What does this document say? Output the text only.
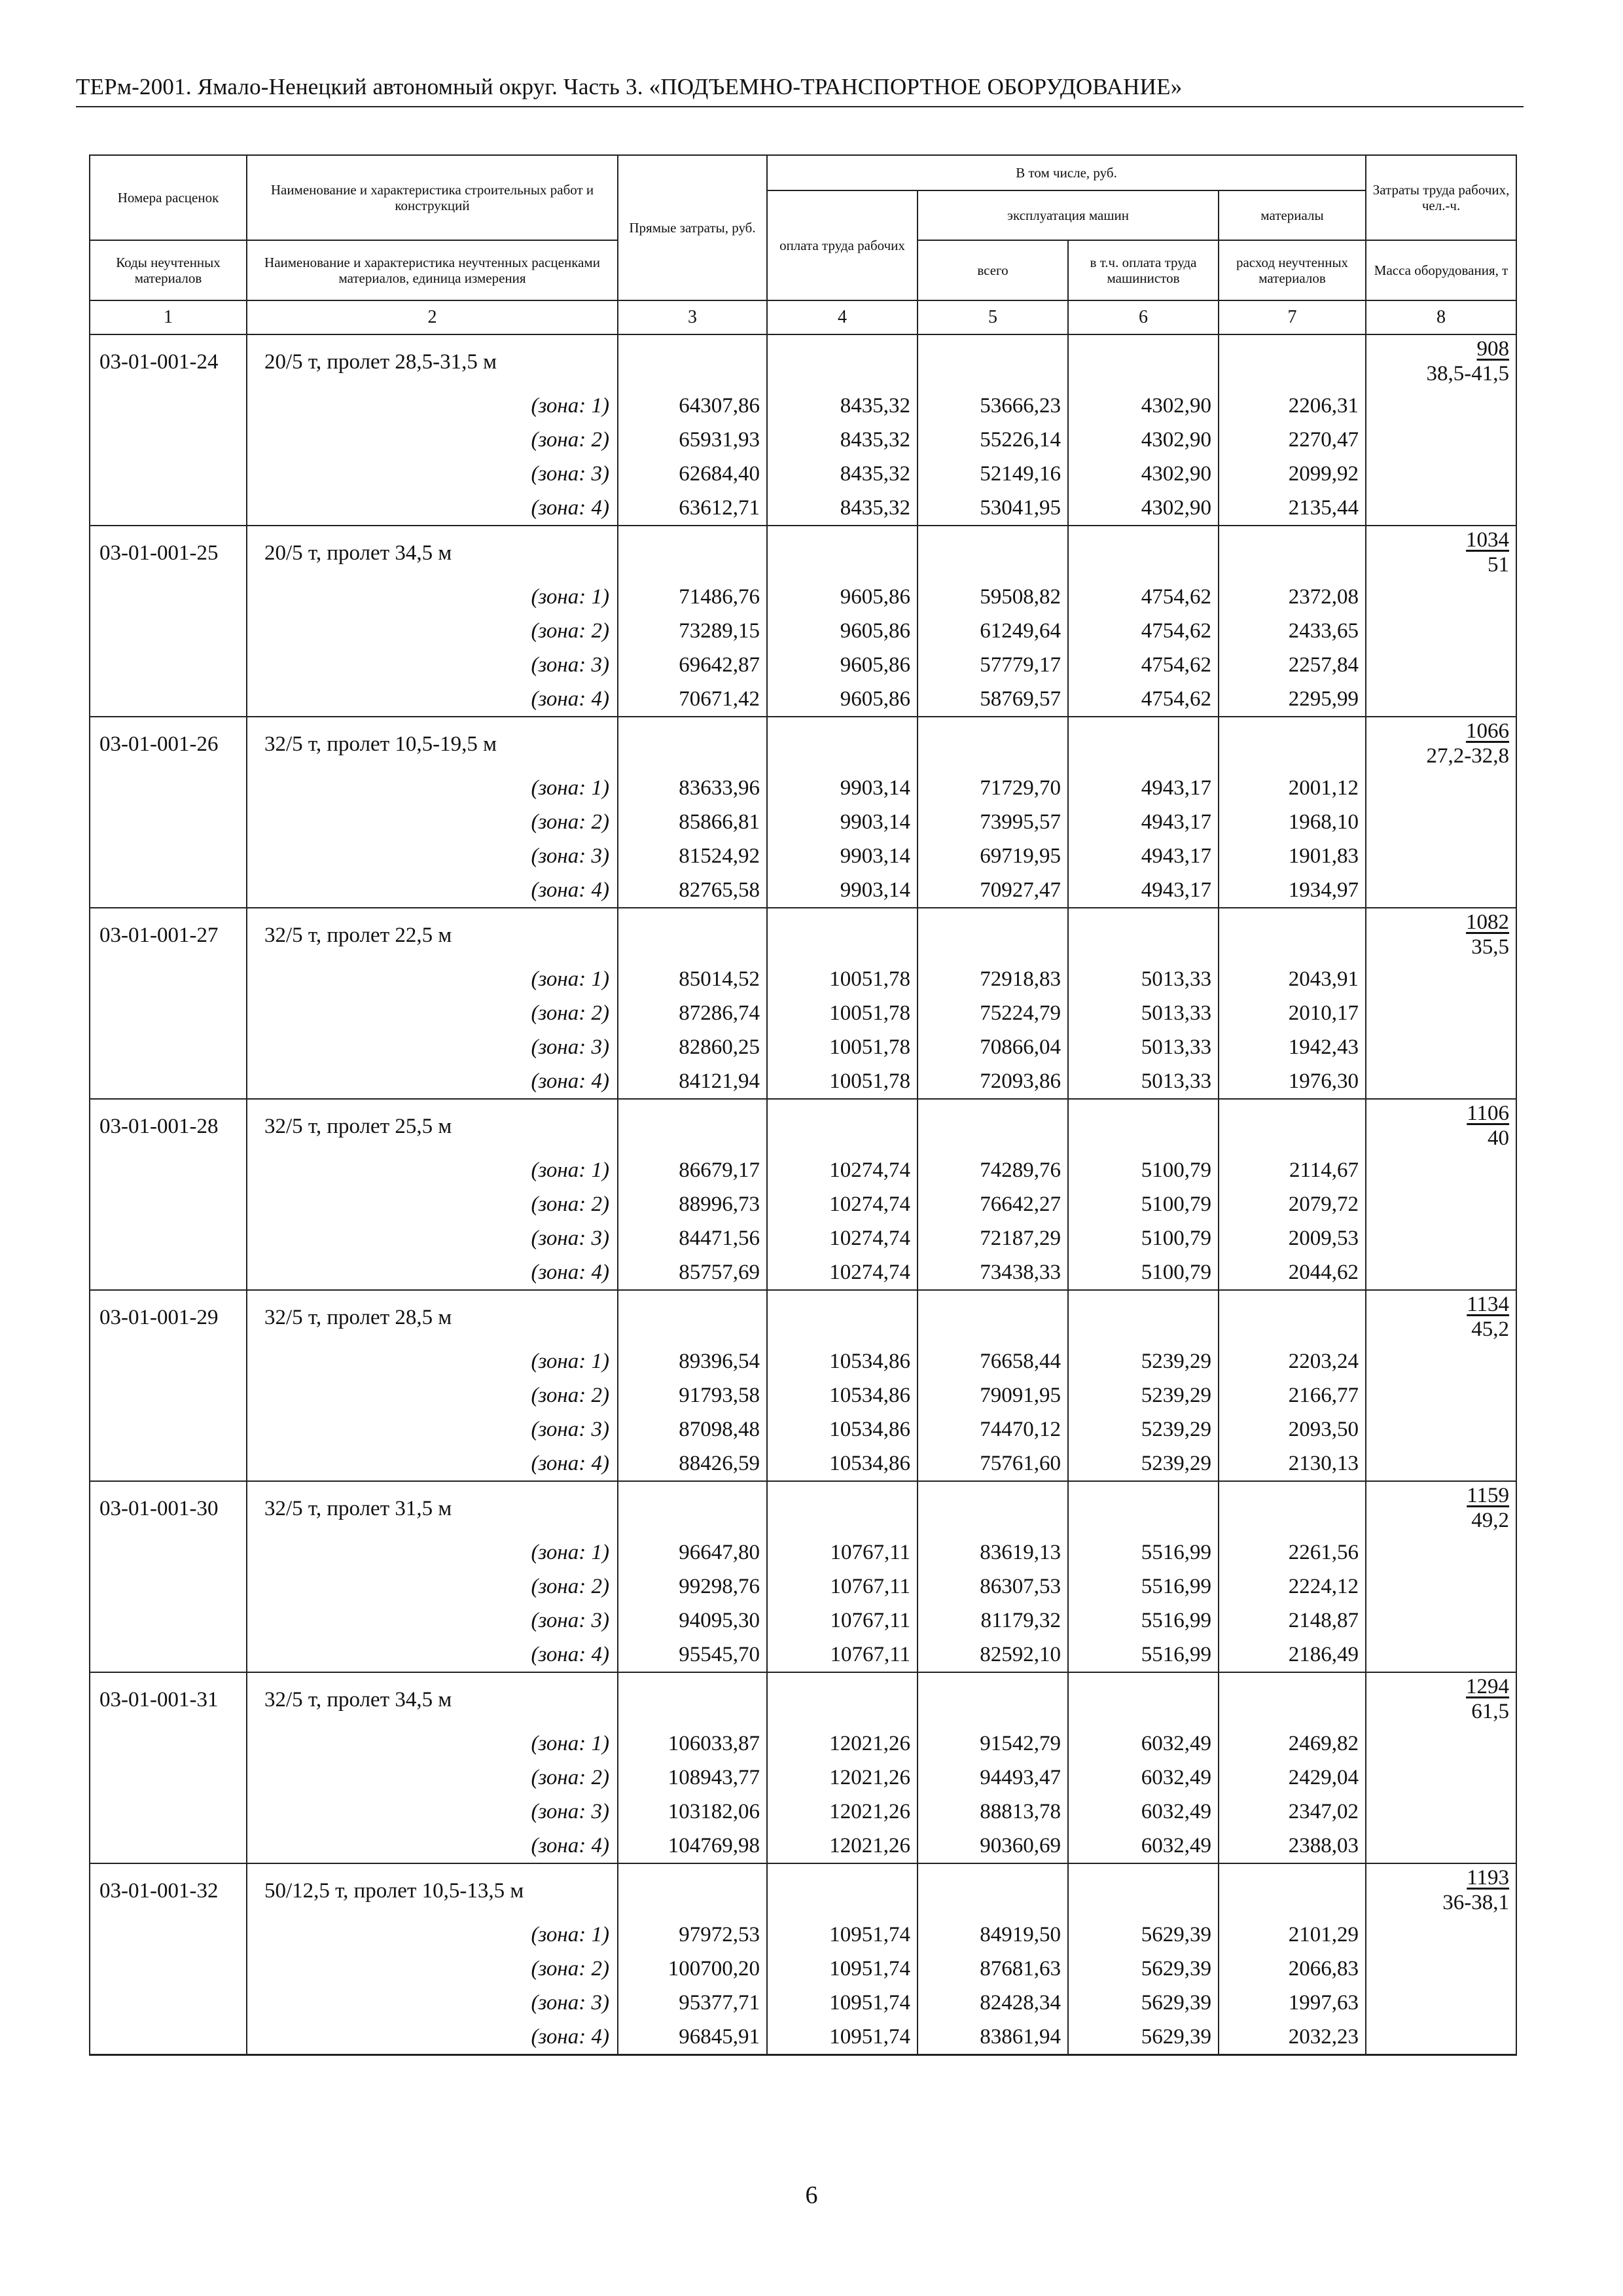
ТЕРм-2001. Ямало-Ненецкий автономный округ. Часть 3. «ПОДЪЕМНО-ТРАНСПОРТНОЕ ОБОРУДОВАНИЕ»
Номера расценок	Наименование и характеристика строительных работ и конструкций	Прямые затраты, руб.	В том числе, руб.				Затраты труда рабочих, чел.-ч.
			оплата труда рабочих	эксплуатация машин		материалы	
Коды неучтенных материалов	Наименование и характеристика неучтенных расценками материалов, единица измерения			всего	в т.ч. оплата труда машинистов	расход неучтенных материалов	Масса оборудования, т
1	2	3	4	5	6	7	8
03-01-001-24	20/5 т, пролет 28,5-31,5 м						908

38,5-41,5

	(зона: 1)	64307,86	8435,32	53666,23	4302,90	2206,31	
	(зона: 2)	65931,93	8435,32	55226,14	4302,90	2270,47	
	(зона: 3)	62684,40	8435,32	52149,16	4302,90	2099,92	
	(зона: 4)	63612,71	8435,32	53041,95	4302,90	2135,44	
03-01-001-25	20/5 т, пролет 34,5 м						1034

51

	(зона: 1)	71486,76	9605,86	59508,82	4754,62	2372,08	
	(зона: 2)	73289,15	9605,86	61249,64	4754,62	2433,65	
	(зона: 3)	69642,87	9605,86	57779,17	4754,62	2257,84	
	(зона: 4)	70671,42	9605,86	58769,57	4754,62	2295,99	
03-01-001-26	32/5 т, пролет 10,5-19,5 м						1066

27,2-32,8

	(зона: 1)	83633,96	9903,14	71729,70	4943,17	2001,12	
	(зона: 2)	85866,81	9903,14	73995,57	4943,17	1968,10	
	(зона: 3)	81524,92	9903,14	69719,95	4943,17	1901,83	
	(зона: 4)	82765,58	9903,14	70927,47	4943,17	1934,97	
03-01-001-27	32/5 т, пролет 22,5 м						1082

35,5

	(зона: 1)	85014,52	10051,78	72918,83	5013,33	2043,91	
	(зона: 2)	87286,74	10051,78	75224,79	5013,33	2010,17	
	(зона: 3)	82860,25	10051,78	70866,04	5013,33	1942,43	
	(зона: 4)	84121,94	10051,78	72093,86	5013,33	1976,30	
03-01-001-28	32/5 т, пролет 25,5 м						1106

40

	(зона: 1)	86679,17	10274,74	74289,76	5100,79	2114,67	
	(зона: 2)	88996,73	10274,74	76642,27	5100,79	2079,72	
	(зона: 3)	84471,56	10274,74	72187,29	5100,79	2009,53	
	(зона: 4)	85757,69	10274,74	73438,33	5100,79	2044,62	
03-01-001-29	32/5 т, пролет 28,5 м						1134

45,2

	(зона: 1)	89396,54	10534,86	76658,44	5239,29	2203,24	
	(зона: 2)	91793,58	10534,86	79091,95	5239,29	2166,77	
	(зона: 3)	87098,48	10534,86	74470,12	5239,29	2093,50	
	(зона: 4)	88426,59	10534,86	75761,60	5239,29	2130,13	
03-01-001-30	32/5 т, пролет 31,5 м						1159

49,2

	(зона: 1)	96647,80	10767,11	83619,13	5516,99	2261,56	
	(зона: 2)	99298,76	10767,11	86307,53	5516,99	2224,12	
	(зона: 3)	94095,30	10767,11	81179,32	5516,99	2148,87	
	(зона: 4)	95545,70	10767,11	82592,10	5516,99	2186,49	
03-01-001-31	32/5 т, пролет 34,5 м						1294

61,5

	(зона: 1)	106033,87	12021,26	91542,79	6032,49	2469,82	
	(зона: 2)	108943,77	12021,26	94493,47	6032,49	2429,04	
	(зона: 3)	103182,06	12021,26	88813,78	6032,49	2347,02	
	(зона: 4)	104769,98	12021,26	90360,69	6032,49	2388,03	
03-01-001-32	50/12,5 т, пролет 10,5-13,5 м						1193

36-38,1

	(зона: 1)	97972,53	10951,74	84919,50	5629,39	2101,29	
	(зона: 2)	100700,20	10951,74	87681,63	5629,39	2066,83	
	(зона: 3)	95377,71	10951,74	82428,34	5629,39	1997,63	
	(зона: 4)	96845,91	10951,74	83861,94	5629,39	2032,23	
6
